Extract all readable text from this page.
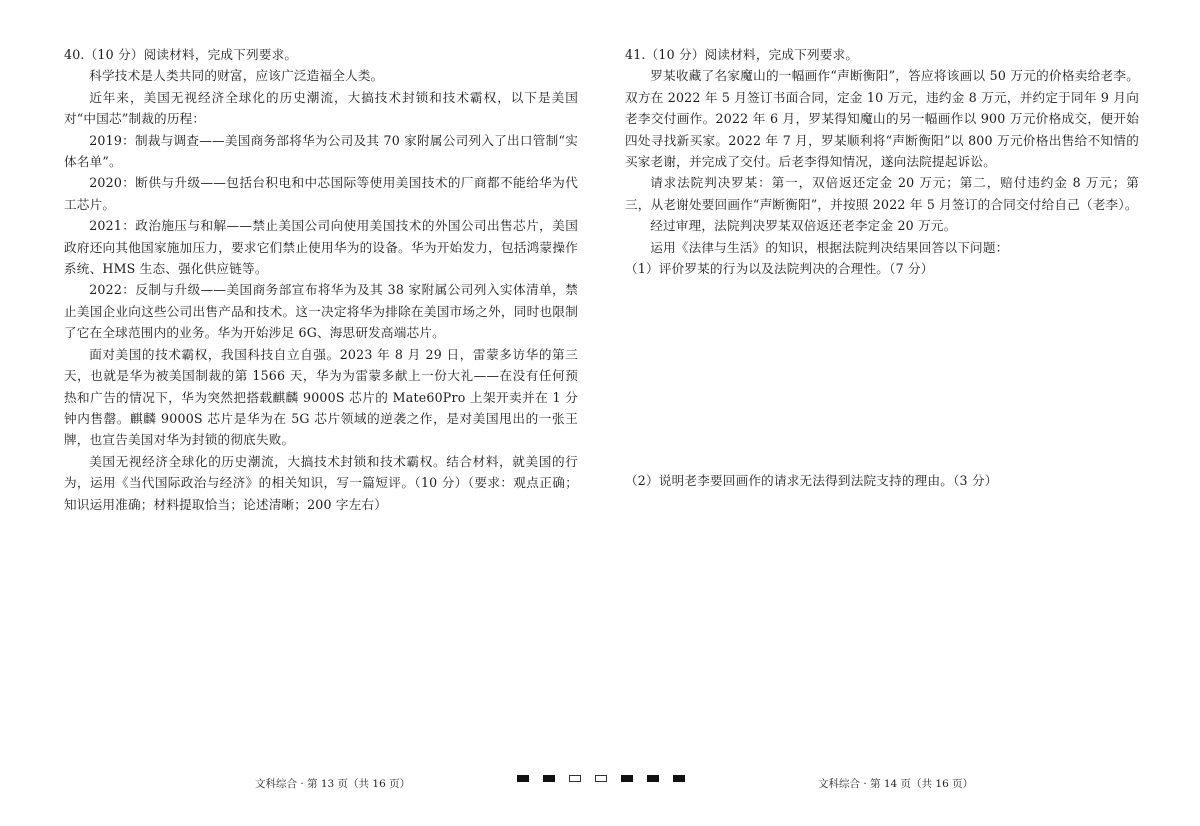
40.（10 分）阅读材料，完成下列要求。

科学技术是人类共同的财富，应该广泛造福全人类。

近年来，美国无视经济全球化的历史潮流，大搞技术封锁和技术霸权，以下是美国对“中国芯”制裁的历程：

2019：制裁与调查——美国商务部将华为公司及其 70 家附属公司列入了出口管制“实体名单”。

2020：断供与升级——包括台积电和中芯国际等使用美国技术的厂商都不能给华为代工芯片。

2021：政治施压与和解——禁止美国公司向使用美国技术的外国公司出售芯片，美国政府还向其他国家施加压力，要求它们禁止使用华为的设备。华为开始发力，包括鸿蒙操作系统、HMS 生态、强化供应链等。

2022：反制与升级——美国商务部宣布将华为及其 38 家附属公司列入实体清单，禁止美国企业向这些公司出售产品和技术。这一决定将华为排除在美国市场之外，同时也限制了它在全球范围内的业务。华为开始涉足 6G、海思研发高端芯片。

面对美国的技术霸权，我国科技自立自强。2023 年 8 月 29 日，雷蒙多访华的第三天，也就是华为被美国制裁的第 1566 天，华为为雷蒙多献上一份大礼——在没有任何预热和广告的情况下，华为突然把搭载麒麟 9000S 芯片的 Mate60Pro 上架开卖并在 1 分钟内售罄。麒麟 9000S 芯片是华为在 5G 芯片领域的逆袭之作，是对美国甩出的一张王牌，也宣告美国对华为封锁的彻底失败。

美国无视经济全球化的历史潮流，大搞技术封锁和技术霸权。结合材料，就美国的行为，运用《当代国际政治与经济》的相关知识，写一篇短评。（10 分）（要求：观点正确；知识运用准确；材料提取恰当；论述清晰；200 字左右）

41.（10 分）阅读材料，完成下列要求。

罗某收藏了名家魔山的一幅画作“声断衡阳”，答应将该画以 50 万元的价格卖给老李。双方在 2022 年 5 月签订书面合同，定金 10 万元，违约金 8 万元，并约定于同年 9 月向老李交付画作。2022 年 6 月，罗某得知魔山的另一幅画作以 900 万元价格成交，便开始四处寻找新买家。2022 年 7 月，罗某顺利将“声断衡阳”以 800 万元价格出售给不知情的买家老谢，并完成了交付。后老李得知情况，遂向法院提起诉讼。

请求法院判决罗某：第一，双倍返还定金 20 万元；第二，赔付违约金 8 万元；第三，从老谢处要回画作“声断衡阳”，并按照 2022 年 5 月签订的合同交付给自己（老李）。

经过审理，法院判决罗某双倍返还老李定金 20 万元。

运用《法律与生活》的知识，根据法院判决结果回答以下问题：

（1）评价罗某的行为以及法院判决的合理性。（7 分）

（2）说明老李要回画作的请求无法得到法院支持的理由。（3 分）

文科综合 · 第 13 页（共 16 页）	文科综合 · 第 14 页（共 16 页）
